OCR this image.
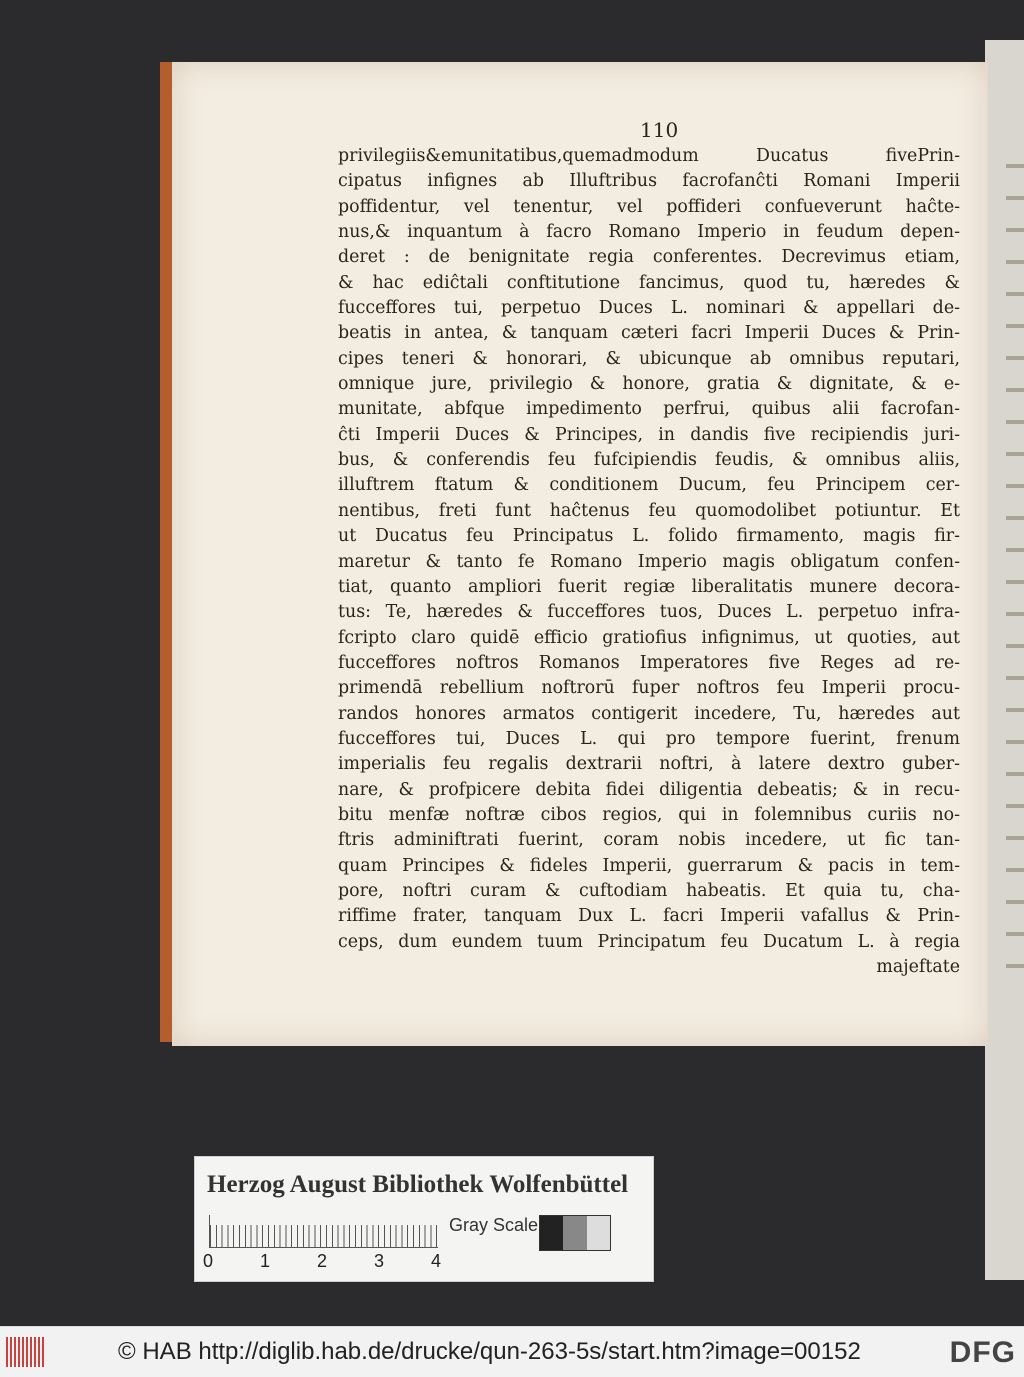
110
privilegiis&emunitatibus,quemadmodum Ducatus fivePrin-
cipatus infignes ab Illuftribus facrofanĉti Romani Imperii
poffidentur, vel tenentur, vel poffideri confueverunt haĉte-
nus,& inquantum à facro Romano Imperio in feudum depen-
deret : de benignitate regia conferentes. Decrevimus etiam,
& hac ediĉtali conftitutione fancimus, quod tu, hæredes &
fucceffores tui, perpetuo Duces L. nominari & appellari de-
beatis in antea, & tanquam cæteri facri Imperii Duces & Prin-
cipes teneri & honorari, & ubicunque ab omnibus reputari,
omnique jure, privilegio & honore, gratia & dignitate, & e-
munitate, abfque impedimento perfrui, quibus alii facrofan-
ĉti Imperii Duces & Principes, in dandis five recipiendis juri-
bus, & conferendis feu fufcipiendis feudis, & omnibus aliis,
illuftrem ftatum & conditionem Ducum, feu Principem cer-
nentibus, freti funt haĉtenus feu quomodolibet potiuntur. Et
ut Ducatus feu Principatus L. folido firmamento, magis fir-
maretur & tanto fe Romano Imperio magis obligatum confen-
tiat, quanto ampliori fuerit regiæ liberalitatis munere decora-
tus: Te, hæredes & fucceffores tuos, Duces L. perpetuo infra-
fcripto claro quidē efficio gratiofius infignimus, ut quoties, aut
fucceffores noftros Romanos Imperatores five Reges ad re-
primendā rebellium noftrorū fuper noftros feu Imperii procu-
randos honores armatos contigerit incedere, Tu, hæredes aut
fucceffores tui, Duces L. qui pro tempore fuerint, frenum
imperialis feu regalis dextrarii noftri, à latere dextro guber-
nare, & profpicere debita fidei diligentia debeatis; & in recu-
bitu menfæ noftræ cibos regios, qui in folemnibus curiis no-
ftris adminiftrati fuerint, coram nobis incedere, ut fic tan-
quam Principes & fideles Imperii, guerrarum & pacis in tem-
pore, noftri curam & cuftodiam habeatis. Et quia tu, cha-
riffime frater, tanquam Dux L. facri Imperii vafallus & Prin-
ceps, dum eundem tuum Principatum feu Ducatum L. à regia
majeftate
Herzog August Bibliothek Wolfenbüttel
0	1	2	3	4
Gray Scale
© HAB http://diglib.hab.de/drucke/qun-263-5s/start.htm?image=00152	DFG
